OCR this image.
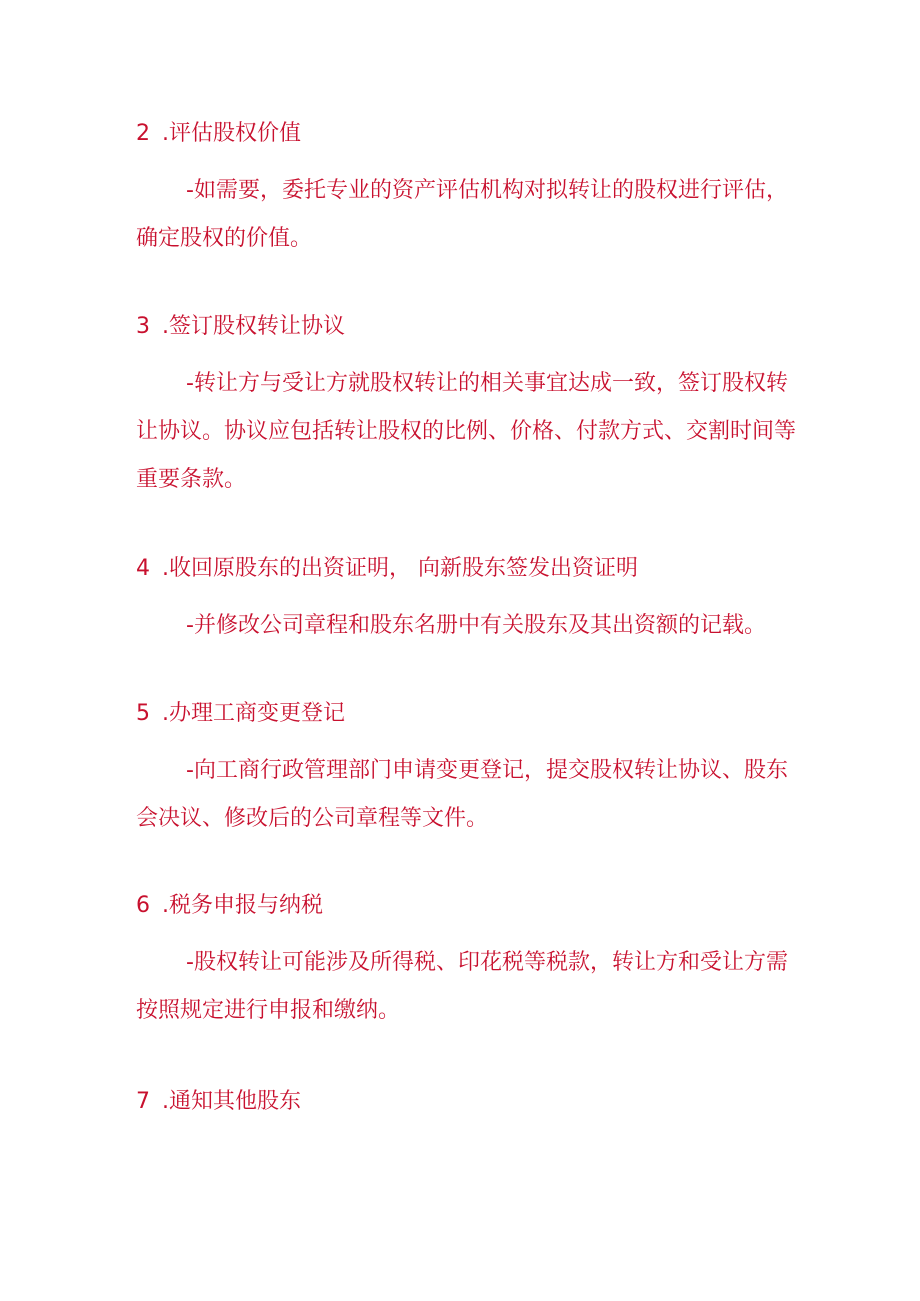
2 .评估股权价值
-如需要，委托专业的资产评估机构对拟转让的股权进行评估，确定股权的价值。
3 .签订股权转让协议
-转让方与受让方就股权转让的相关事宜达成一致，签订股权转让协议。协议应包括转让股权的比例、价格、付款方式、交割时间等重要条款。
4 .收回原股东的出资证明， 向新股东签发出资证明
-并修改公司章程和股东名册中有关股东及其出资额的记载。
5 .办理工商变更登记
-向工商行政管理部门申请变更登记，提交股权转让协议、股东会决议、修改后的公司章程等文件。
6 .税务申报与纳税
-股权转让可能涉及所得税、印花税等税款，转让方和受让方需按照规定进行申报和缴纳。
7 .通知其他股东
